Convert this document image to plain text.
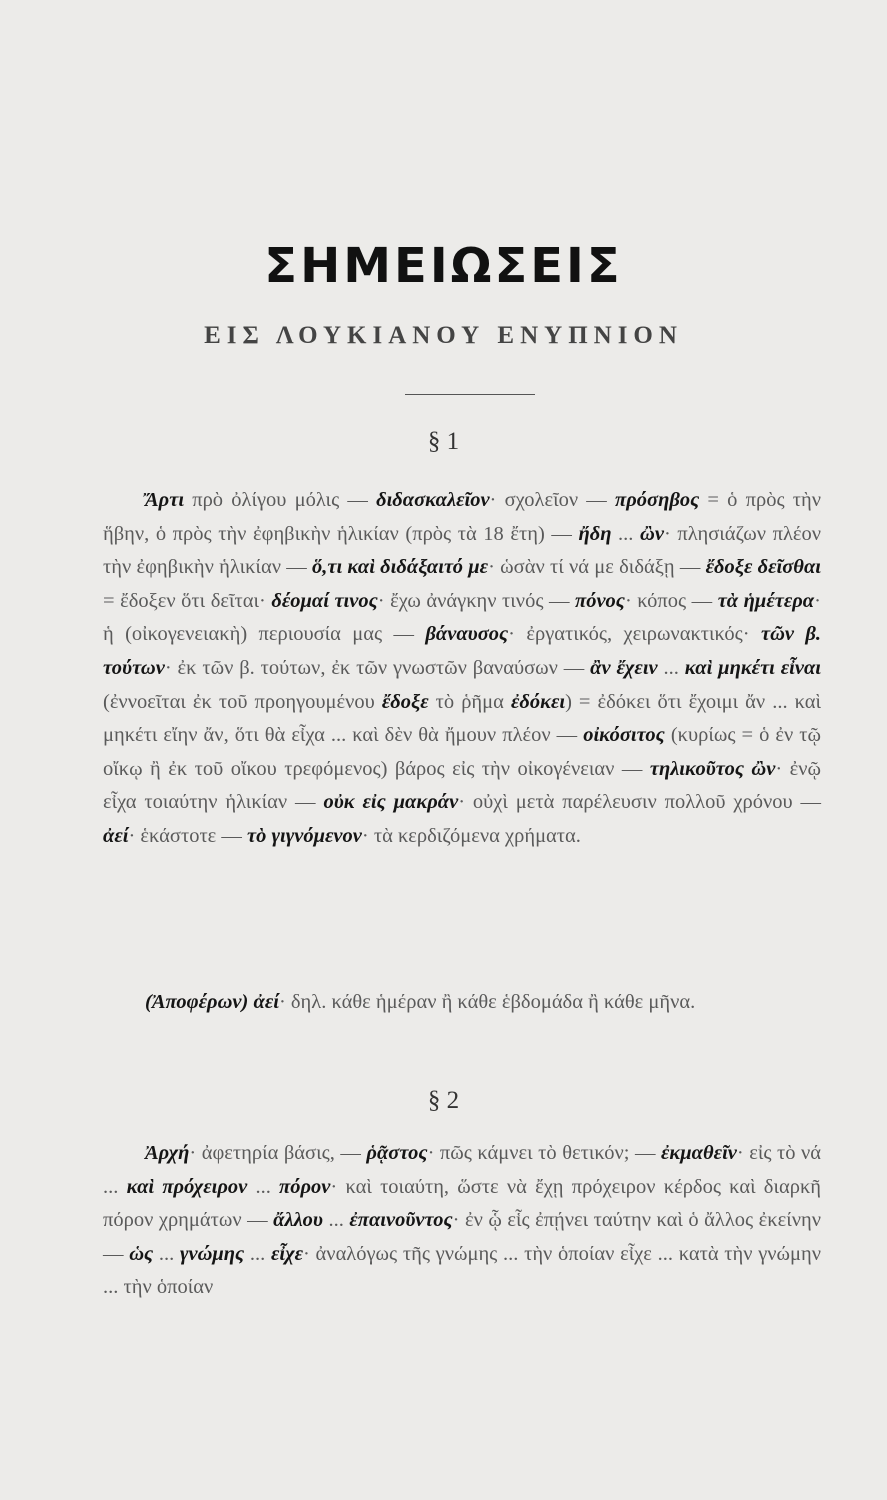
ΣΗΜΕΙΩΣΕΙΣ
ΕΙΣ ΛΟΥΚΙΑΝΟΥ ΕΝΥΠΝΙΟΝ
§ 1

Ἄρτι πρὸ ὀλίγου μόλις — διδασκαλεῖον· σχολεῖον — πρόσηβος = ὁ πρὸς τὴν ἥβην, ὁ πρὸς τὴν ἐφηβικὴν ἡλικίαν (πρὸς τὰ 18 ἔτη) — ἤδη ... ὢν· πλησιάζων πλέον τὴν ἐφηβικὴν ἡλικίαν — ὅ,τι καὶ διδάξαιτό με· ὡσὰν τί νά με διδάξῃ — ἔδοξε δεῖσθαι = ἔδοξεν ὅτι δεῖται· δέομαί τινος· ἔχω ἀνάγκην τινός — πόνος· κόπος — τὰ ἡμέτερα· ἡ (οἰκογενειακὴ) περιουσία μας — βάναυσος· ἐργατικός, χειρωνακτικός· τῶν β. τούτων· ἐκ τῶν β. τούτων, ἐκ τῶν γνωστῶν βαναύσων — ἂν ἔχειν ... καὶ μηκέτι εἶναι (ἐννοεῖται ἐκ τοῦ προηγουμένου ἔδοξε τὸ ῥῆμα ἐδόκει) = ἐδόκει ὅτι ἔχοιμι ἄν ... καὶ μηκέτι εἴην ἄν, ὅτι θὰ εἶχα ... καὶ δὲν θὰ ἤμουν πλέον — οἰκόσιτος (κυρίως = ὁ ἐν τῷ οἴκῳ ἢ ἐκ τοῦ οἴκου τρεφόμενος) βάρος εἰς τὴν οἰκογένειαν — τηλικοῦτος ὢν· ἐνῷ εἶχα τοιαύτην ἡλικίαν — οὐκ εἰς μακράν· οὐχὶ μετὰ παρέλευσιν πολλοῦ χρόνου — ἀεί· ἑκάστοτε — τὸ γιγνόμενον· τὰ κερδιζόμενα χρήματα.

(Ἀποφέρων) ἀεί· δηλ. κάθε ἡμέραν ἢ κάθε ἑβδομάδα ἢ κάθε μῆνα.

§ 2

Ἀρχή· ἀφετηρία βάσις, — ῥᾷστος· πῶς κάμνει τὸ θετικόν; — ἐκμαθεῖν· εἰς τὸ νά ... καὶ πρόχειρον ... πόρον· καὶ τοιαύτη, ὥστε νὰ ἔχῃ πρόχειρον κέρδος καὶ διαρκῆ πόρον χρημάτων — ἄλλου ... ἐπαινοῦντος· ἐν ᾧ εἷς ἐπῄνει ταύτην καὶ ὁ ἄλλος ἐκείνην — ὡς ... γνώμης ... εἶχε· ἀναλόγως τῆς γνώμης ... τὴν ὁποίαν εἶχε ... κατὰ τὴν γνώμην ... τὴν ὁποίαν
